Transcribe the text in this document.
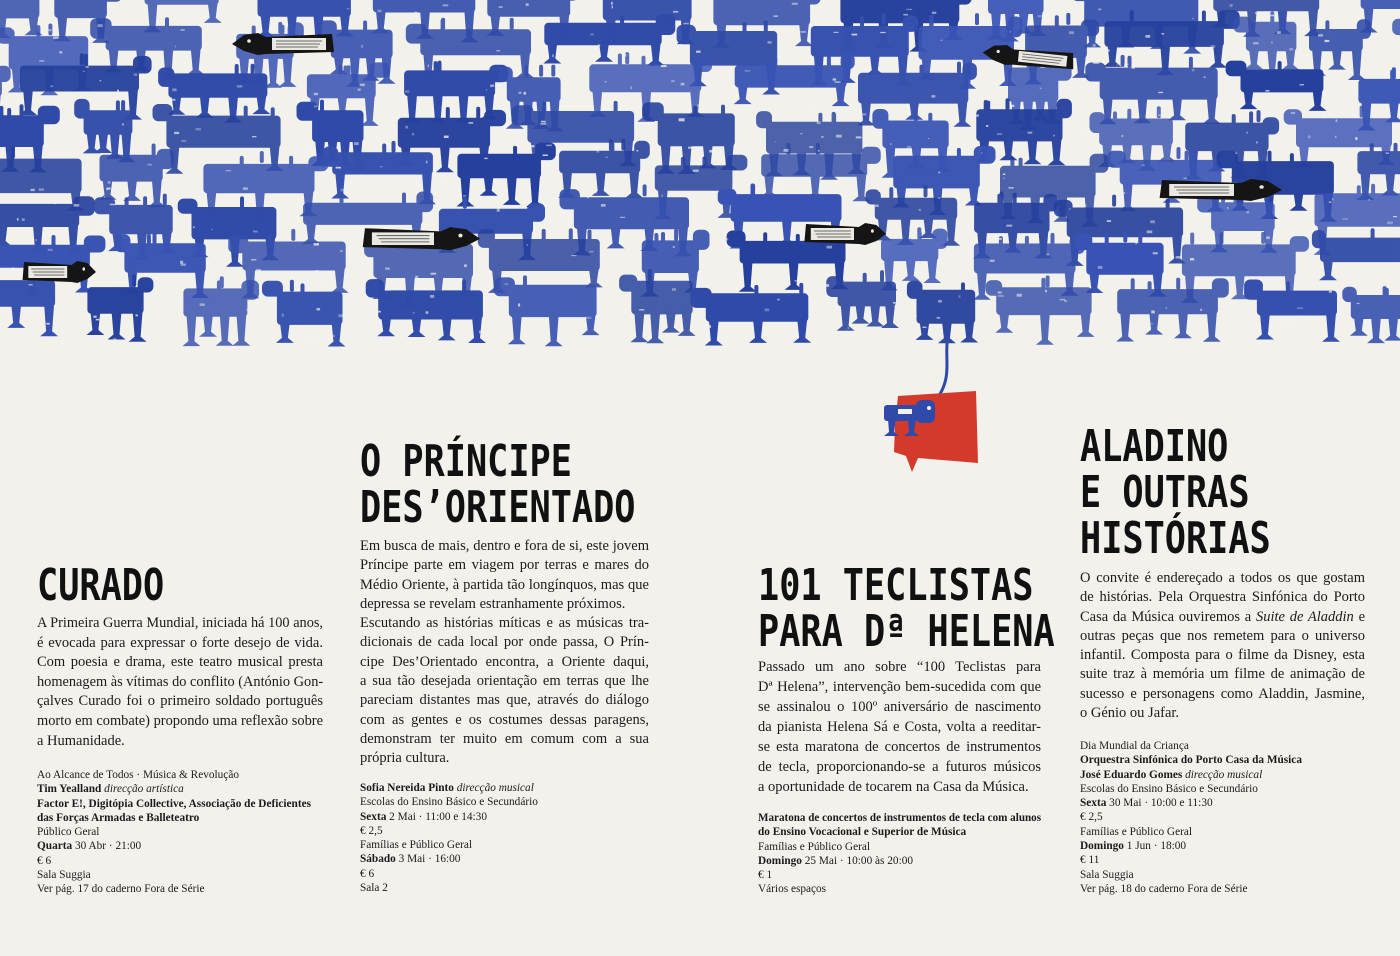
CURADO
A Primeira Guerra Mundial, iniciada há 100 anos,
é evocada para expressar o forte desejo de vida.
Com poesia e drama, este teatro musical presta
homenagem às vítimas do conflito (António Gon-
çalves Curado foi o primeiro soldado português
morto em combate) propondo uma reflexão sobre
a Humanidade.
Ao Alcance de Todos · Música & Revolução
Tim Yealland direcção artística
Factor E!, Digitópia Collective, Associação de Deficientes
das Forças Armadas e Balleteatro
Público Geral
Quarta 30 Abr · 21:00
€ 6
Sala Suggia
Ver pág. 17 do caderno Fora de Série
O PRÍNCIPE
DES’ORIENTADO
Em busca de mais, dentro e fora de si, este jovem
Príncipe parte em viagem por terras e mares do
Médio Oriente, à partida tão longínquos, mas que
depressa se revelam estranhamente próximos.
Escutando as histórias míticas e as músicas tra-
dicionais de cada local por onde passa, O Prín-
cipe Des’Orientado encontra, a Oriente daqui,
a sua tão desejada orientação em terras que lhe
pareciam distantes mas que, através do diálogo
com as gentes e os costumes dessas paragens,
demonstram ter muito em comum com a sua
própria cultura.
Sofia Nereida Pinto direcção musical
Escolas do Ensino Básico e Secundário
Sexta 2 Mai · 11:00 e 14:30
€ 2,5
Famílias e Público Geral
Sábado 3 Mai · 16:00
€ 6
Sala 2
101 TECLISTAS
PARA Dª HELENA
Passado um ano sobre “100 Teclistas para
Dª Helena”, intervenção bem-sucedida com que
se assinalou o 100º aniversário de nascimento
da pianista Helena Sá e Costa, volta a reeditar-
se esta maratona de concertos de instrumentos
de tecla, proporcionando-se a futuros músicos
a oportunidade de tocarem na Casa da Música.
Maratona de concertos de instrumentos de tecla com alunos
do Ensino Vocacional e Superior de Música
Famílias e Público Geral
Domingo 25 Mai · 10:00 às 20:00
€ 1
Vários espaços
ALADINO
E OUTRAS
HISTÓRIAS
O convite é endereçado a todos os que gostam
de histórias. Pela Orquestra Sinfónica do Porto
Casa da Música ouviremos a Suite de Aladdin e
outras peças que nos remetem para o universo
infantil. Composta para o filme da Disney, esta
suite traz à memória um filme de animação de
sucesso e personagens como Aladdin, Jasmine,
o Génio ou Jafar.
Dia Mundial da Criança
Orquestra Sinfónica do Porto Casa da Música
José Eduardo Gomes direcção musical
Escolas do Ensino Básico e Secundário
Sexta 30 Mai · 10:00 e 11:30
€ 2,5
Famílias e Público Geral
Domingo 1 Jun · 18:00
€ 11
Sala Suggia
Ver pág. 18 do caderno Fora de Série
